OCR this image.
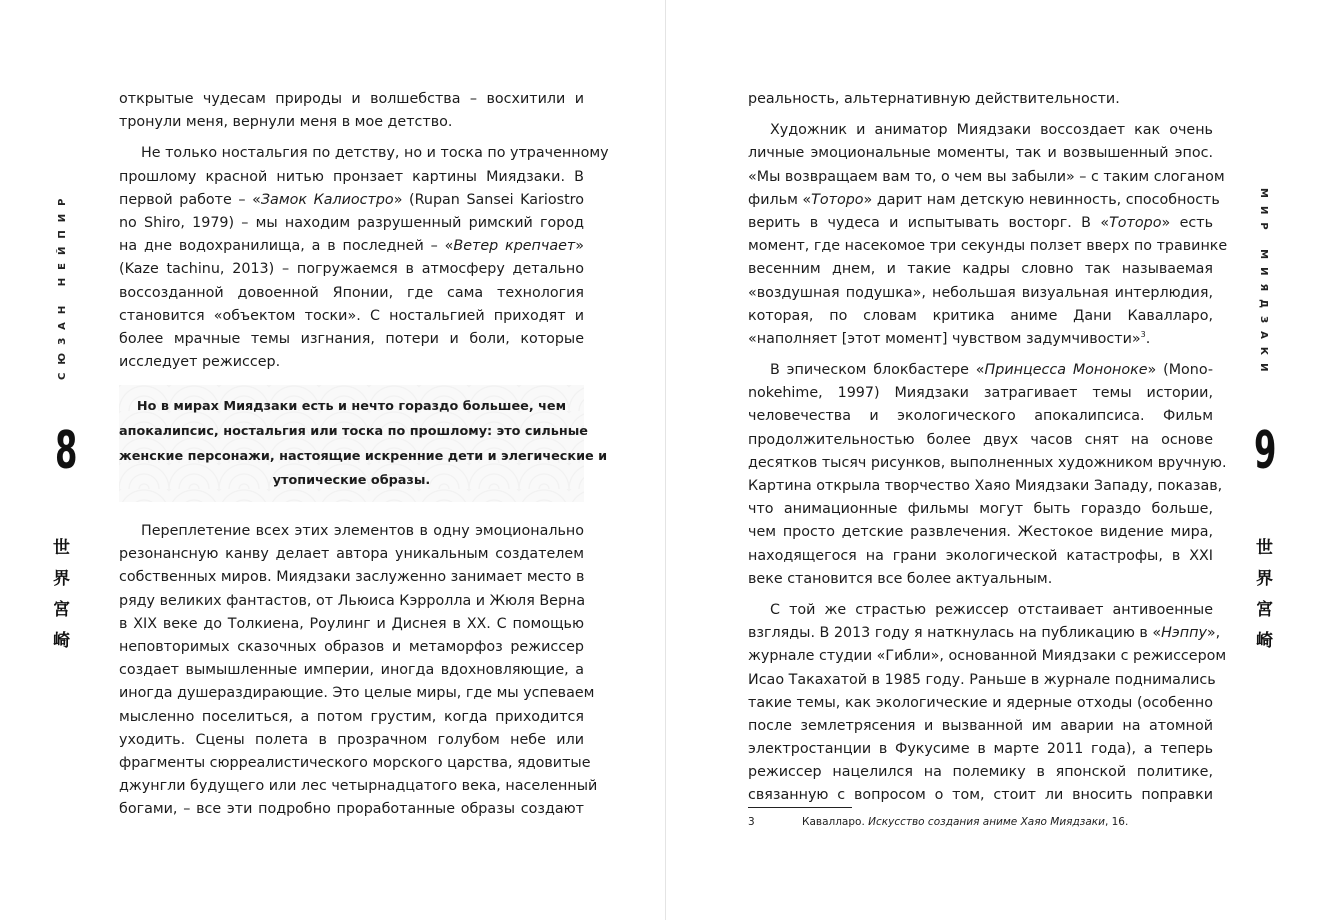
СЮЗАН НЕЙПИР
8
世
界
宮
崎
открытые чудесам природы и волшебства – восхитили и
тронули меня, вернули меня в мое детство.
Не только ностальгия по детству, но и тоска по утраченному
прошлому красной нитью пронзает картины Миядзаки. В
первой работе – «Замок Калиостро» (Rupan Sansei Kariostro
no Shiro, 1979) – мы находим разрушенный римский город
на дне водохранилища, а в последней – «Ветер крепчает»
(Kaze tachinu, 2013) – погружаемся в атмосферу детально
воссозданной довоенной Японии, где сама технология
становится «объектом тоски». С ностальгией приходят и
более мрачные темы изгнания, потери и боли, которые
исследует режиссер.
Но в мирах Миядзаки есть и нечто гораздо большее, чем
апокалипсис, ностальгия или тоска по прошлому: это сильные
женские персонажи, настоящие искренние дети и элегические и
утопические образы.
Переплетение всех этих элементов в одну эмоционально
резонансную канву делает автора уникальным создателем
собственных миров. Миядзаки заслуженно занимает место в
ряду великих фантастов, от Льюиса Кэрролла и Жюля Верна
в XIX веке до Толкиена, Роулинг и Диснея в XX. С помощью
неповторимых сказочных образов и метаморфоз режиссер
создает вымышленные империи, иногда вдохновляющие, а
иногда душераздирающие. Это целые миры, где мы успеваем
мысленно поселиться, а потом грустим, когда приходится
уходить. Сцены полета в прозрачном голубом небе или
фрагменты сюрреалистического морского царства, ядовитые
джунгли будущего или лес четырнадцатого века, населенный
богами, – все эти подробно проработанные образы создают
реальность, альтернативную действительности.
Художник и аниматор Миядзаки воссоздает как очень
личные эмоциональные моменты, так и возвышенный эпос.
«Мы возвращаем вам то, о чем вы забыли» – с таким слоганом
фильм «Тоторо» дарит нам детскую невинность, способность
верить в чудеса и испытывать восторг. В «Тоторо» есть
момент, где насекомое три секунды ползет вверх по травинке
весенним днем, и такие кадры словно так называемая
«воздушная подушка», небольшая визуальная интерлюдия,
которая, по словам критика аниме Дани Кавалларо,
«наполняет [этот момент] чувством задумчивости»$^3$.
В эпическом блокбастере «Принцесса Мононоке» (Mono-
nokehime, 1997) Миядзаки затрагивает темы истории,
человечества и экологического апокалипсиса. Фильм
продолжительностью более двух часов снят на основе
десятков тысяч рисунков, выполненных художником вручную.
Картина открыла творчество Хаяо Миядзаки Западу, показав,
что анимационные фильмы могут быть гораздо больше,
чем просто детские развлечения. Жестокое видение мира,
находящегося на грани экологической катастрофы, в XXI
веке становится все более актуальным.
С той же страстью режиссер отстаивает антивоенные
взгляды. В 2013 году я наткнулась на публикацию в «Нэппу»,
журнале студии «Гибли», основанной Миядзаки с режиссером
Исао Такахатой в 1985 году. Раньше в журнале поднимались
такие темы, как экологические и ядерные отходы (особенно
после землетрясения и вызванной им аварии на атомной
электростанции в Фукусиме в марте 2011 года), а теперь
режиссер нацелился на полемику в японской политике,
связанную с вопросом о том, стоит ли вносить поправки
3	Кавалларо. Искусство создания аниме Хаяо Миядзаки, 16.
МИР МИЯДЗАКИ
9
世
界
宮
崎
